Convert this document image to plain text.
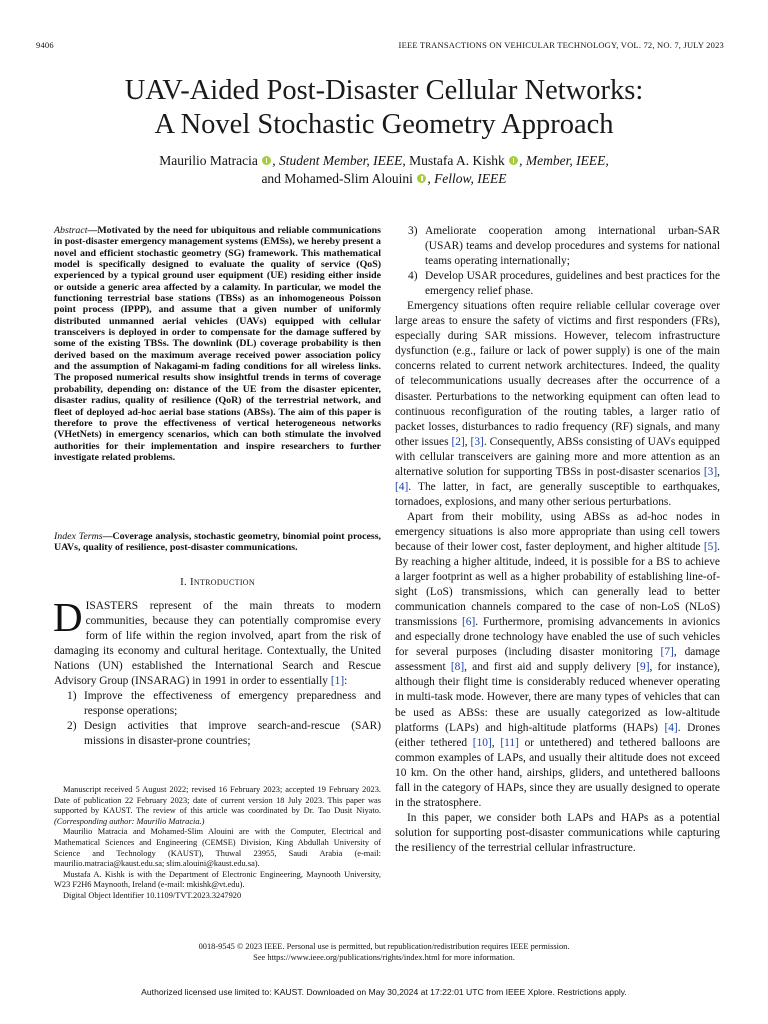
9406	IEEE TRANSACTIONS ON VEHICULAR TECHNOLOGY, VOL. 72, NO. 7, JULY 2023
UAV-Aided Post-Disaster Cellular Networks:
A Novel Stochastic Geometry Approach
Maurilio Matracia , Student Member, IEEE, Mustafa A. Kishk , Member, IEEE,
and Mohamed-Slim Alouini , Fellow, IEEE
Abstract—Motivated by the need for ubiquitous and reliable communications in post-disaster emergency management systems (EMSs), we hereby present a novel and efficient stochastic geometry (SG) framework. This mathematical model is specifically designed to evaluate the quality of service (QoS) experienced by a typical ground user equipment (UE) residing either inside or outside a generic area affected by a calamity. In particular, we model the functioning terrestrial base stations (TBSs) as an inhomogeneous Poisson point process (IPPP), and assume that a given number of uniformly distributed unmanned aerial vehicles (UAVs) equipped with cellular transceivers is deployed in order to compensate for the damage suffered by some of the existing TBSs. The downlink (DL) coverage probability is then derived based on the maximum average received power association policy and the assumption of Nakagami-m fading conditions for all wireless links. The proposed numerical results show insightful trends in terms of coverage probability, depending on: distance of the UE from the disaster epicenter, disaster radius, quality of resilience (QoR) of the terrestrial network, and fleet of deployed ad-hoc aerial base stations (ABSs). The aim of this paper is therefore to prove the effectiveness of vertical heterogeneous networks (VHetNets) in emergency scenarios, which can both stimulate the involved authorities for their implementation and inspire researchers to further investigate related problems.
Index Terms—Coverage analysis, stochastic geometry, binomial point process, UAVs, quality of resilience, post-disaster communications.
I. Introduction

DISASTERS represent of the main threats to modern communities, because they can potentially compromise every form of life within the region involved, apart from the risk of damaging its economy and cultural heritage. Contextually, the United Nations (UN) established the International Search and Rescue Advisory Group (INSARAG) in 1991 in order to essentially [1]:

1) Improve the effectiveness of emergency preparedness and response operations;
2) Design activities that improve search-and-rescue (SAR) missions in disaster-prone countries;

Manuscript received 5 August 2022; revised 16 February 2023; accepted 19 February 2023. Date of publication 22 February 2023; date of current version 18 July 2023. This paper was supported by KAUST. The review of this article was coordinated by Dr. Tao Dusit Niyato. (Corresponding author: Maurilio Matracia.)

Maurilio Matracia and Mohamed-Slim Alouini are with the Computer, Electrical and Mathematical Sciences and Engineering (CEMSE) Division, King Abdullah University of Science and Technology (KAUST), Thuwal 23955, Saudi Arabia (e-mail: maurilio.matracia@kaust.edu.sa; slim.alouini@kaust.edu.sa).

Mustafa A. Kishk is with the Department of Electronic Engineering, Maynooth University, W23 F2H6 Maynooth, Ireland (e-mail: mkishk@vt.edu).

Digital Object Identifier 10.1109/TVT.2023.3247920

3) Ameliorate cooperation among international urban-SAR (USAR) teams and develop procedures and systems for national teams operating internationally;
4) Develop USAR procedures, guidelines and best practices for the emergency relief phase.

Emergency situations often require reliable cellular coverage over large areas to ensure the safety of victims and first responders (FRs), especially during SAR missions. However, telecom infrastructure dysfunction (e.g., failure or lack of power supply) is one of the main concerns related to current network architectures. Indeed, the quality of telecommunications usually decreases after the occurrence of a disaster. Perturbations to the networking equipment can often lead to continuous reconfiguration of the routing tables, a larger ratio of packet losses, disturbances to radio frequency (RF) signals, and many other issues [2], [3]. Consequently, ABSs consisting of UAVs equipped with cellular transceivers are gaining more and more attention as an alternative solution for supporting TBSs in post-disaster scenarios [3], [4]. The latter, in fact, are generally susceptible to earthquakes, tornadoes, explosions, and many other serious perturbations.

Apart from their mobility, using ABSs as ad-hoc nodes in emergency situations is also more appropriate than using cell towers because of their lower cost, faster deployment, and higher altitude [5]. By reaching a higher altitude, indeed, it is possible for a BS to achieve a larger footprint as well as a higher probability of establishing line-of-sight (LoS) transmissions, which can generally lead to better communication channels compared to the case of non-LoS (NLoS) transmissions [6]. Furthermore, promising advancements in avionics and especially drone technology have enabled the use of such vehicles for several purposes (including disaster monitoring [7], damage assessment [8], and first aid and supply delivery [9], for instance), although their flight time is considerably reduced whenever operating in multi-task mode. However, there are many types of vehicles that can be used as ABSs: these are usually categorized as low-altitude platforms (LAPs) and high-altitude platforms (HAPs) [4]. Drones (either tethered [10], [11] or untethered) and tethered balloons are common examples of LAPs, and usually their altitude does not exceed 10 km. On the other hand, airships, gliders, and untethered balloons fall in the category of HAPs, since they are usually designed to operate in the stratosphere.

In this paper, we consider both LAPs and HAPs as a potential solution for supporting post-disaster communications while capturing the resiliency of the terrestrial cellular infrastructure.

0018-9545 © 2023 IEEE. Personal use is permitted, but republication/redistribution requires IEEE permission.
See https://www.ieee.org/publications/rights/index.html for more information.
Authorized licensed use limited to: KAUST. Downloaded on May 30,2024 at 17:22:01 UTC from IEEE Xplore. Restrictions apply.
